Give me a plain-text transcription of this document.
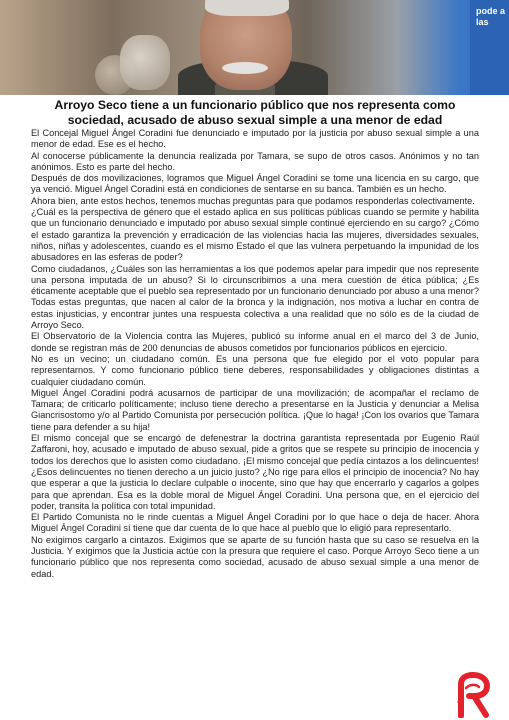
pode a las
Arroyo Seco tiene a un funcionario público que nos representa como sociedad, acusado de abuso sexual simple a una menor de edad

El Concejal Miguel Ángel Coradini fue denunciado e imputado por la justicia por abuso sexual simple a una menor de edad. Ese es el hecho.

Al conocerse públicamente la denuncia realizada por Tamara, se supo de otros casos. Anónimos y no tan anónimos. Esto es parte del hecho.

Después de dos movilizaciones, logramos que Miguel Ángel Coradini se tome una licencia en su cargo, que ya venció. Miguel Ángel Coradini está en condiciones de sentarse en su banca. También es un hecho.

Ahora bien, ante estos hechos, tenemos muchas preguntas para que podamos responderlas colectivamente.

¿Cuál es la perspectiva de género que el estado aplica en sus políticas públicas cuando se permite y habilita que un funcionario denunciado e imputado por abuso sexual simple continué ejerciendo en su cargo? ¿Cómo el estado garantiza la prevención y erradicación de las violencias hacia las mujeres, diversidades sexuales, niños, niñas y adolescentes, cuando es el mismo Estado el que las vulnera perpetuando la impunidad de los abusadores en las esferas de poder?

Como ciudadanos, ¿Cuáles son las herramientas a los que podemos apelar para impedir que nos represente una persona imputada de un abuso? Si lo circunscribimos a una mera cuestión de ética pública; ¿Es éticamente aceptable que el pueblo sea representado por un funcionario denunciado por abuso a una menor?

Todas estas preguntas, que nacen al calor de la bronca y la indignación, nos motiva a luchar en contra de estas injusticias, y encontrar juntes una respuesta colectiva a una realidad que no sólo es de la ciudad de Arroyo Seco.

El Observatorio de la Violencia contra las Mujeres, publicó su informe anual en el marco del 3 de Junio, donde se registran más de 200 denuncias de abusos cometidos por funcionarios públicos en ejercicio.

No es un vecino; un ciudadano común. Es una persona que fue elegido por el voto popular para representarnos. Y como funcionario público tiene deberes, responsabilidades y obligaciones distintas a cualquier ciudadano común.

Miguel Ángel Coradini podrá acusarnos de participar de una movilización; de acompañar el reclamo de Tamara; de criticarlo políticamente; incluso tiene derecho a presentarse en la Justicia y denunciar a Melisa Giancrisostomo y/o al Partido Comunista por persecución política. ¡Que lo haga! ¡Con los ovarios que Tamara tiene para defender a su hija!

El mismo concejal que se encargó de defenestrar la doctrina garantista representada por Eugenio Raúl Zaffaroni, hoy, acusado e imputado de abuso sexual, pide a gritos que se respete su principio de inocencia y todos los derechos que lo asisten como ciudadano. ¡El mismo concejal que pedía cintazos a los delincuentes! ¿Esos delincuentes no tienen derecho a un juicio justo? ¿No rige para ellos el principio de inocencia? No hay que esperar a que la justicia lo declare culpable o inocente, sino que hay que encerrarlo y cagarlos a golpes para que aprendan. Esa es la doble moral de Miguel Ángel Coradini. Una persona que, en el ejercicio del poder, transita la política con total impunidad.

El Partido Comunista no le rinde cuentas a Miguel Ángel Coradini por lo que hace o deja de hacer. Ahora Miguel Ángel Coradini sí tiene que dar cuenta de lo que hace al pueblo que lo eligió para representarlo.

No exigimos cargarlo a cintazos. Exigimos que se aparte de su función hasta que su caso se resuelva en la Justicia. Y exigimos que la Justicia actúe con la presura que requiere el caso. Porque Arroyo Seco tiene a un funcionario público que nos representa como sociedad, acusado de abuso sexual simple a una menor de edad.
